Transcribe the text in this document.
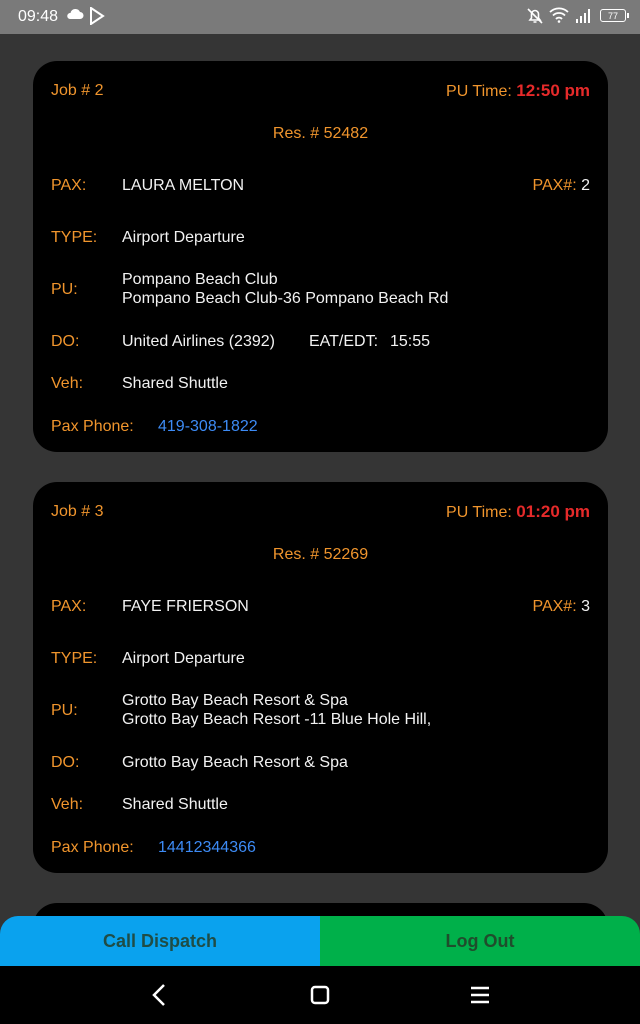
09:48	77
Job # 2	PU Time: 12:50 pm
Res. # 52482
PAX: LAURA MELTON	PAX#: 2
TYPE: Airport Departure
PU:
Pompano Beach Club
Pompano Beach Club-36 Pompano Beach Rd
DO:	United Airlines (2392) EAT/EDT: 15:55
Veh: Shared Shuttle
Pax Phone: 419-308-1822
Job # 3	PU Time: 01:20 pm
Res. # 52269
PAX: FAYE FRIERSON	PAX#: 3
TYPE: Airport Departure
PU:
Grotto Bay Beach Resort & Spa
Grotto Bay Beach Resort -11 Blue Hole Hill,
DO:	Grotto Bay Beach Resort & Spa
Veh: Shared Shuttle
Pax Phone: 14412344366
Call Dispatch	Log Out
